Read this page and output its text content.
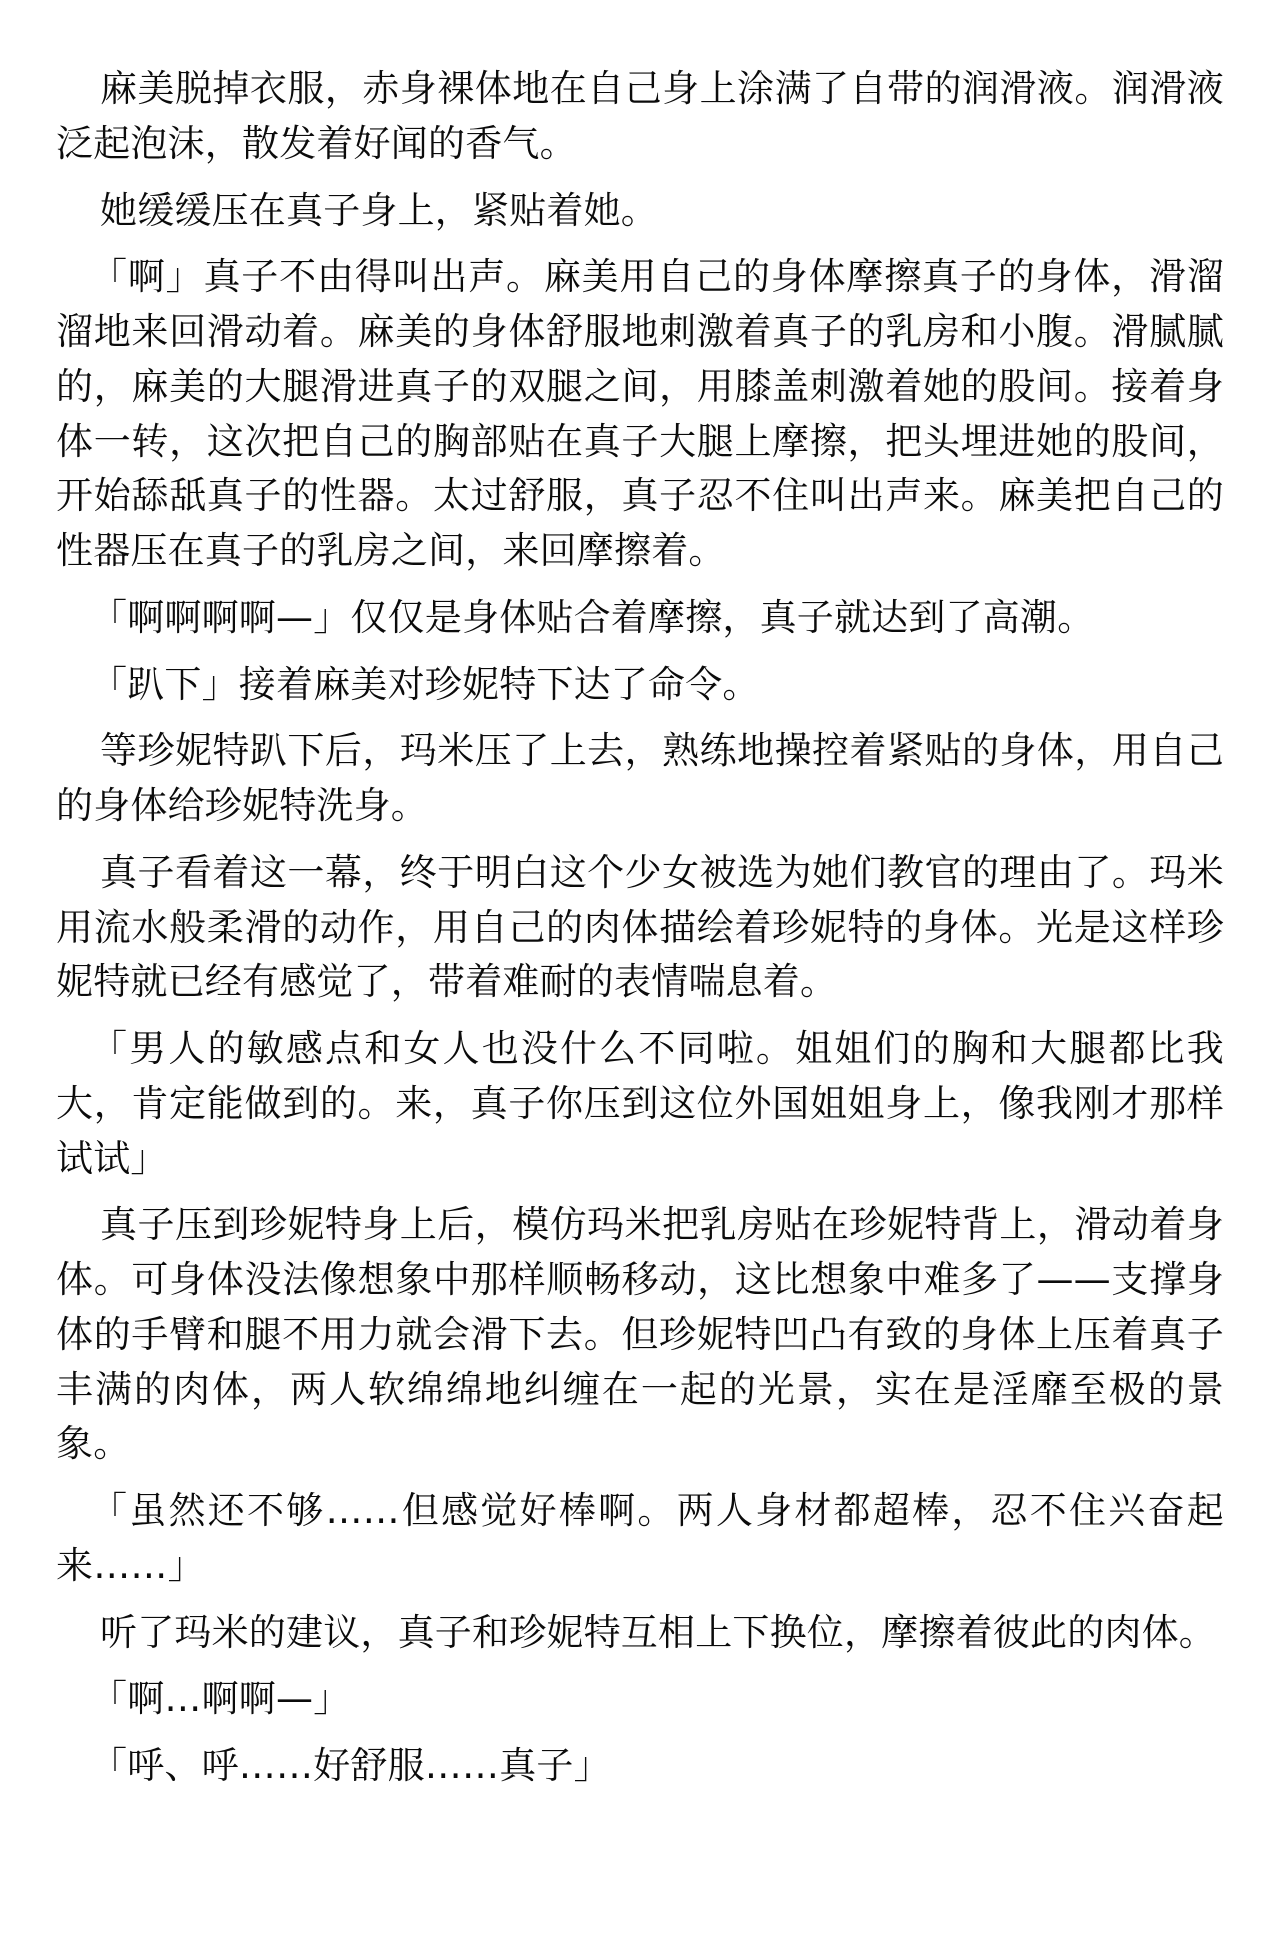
麻美脱掉衣服，赤身裸体地在自己身上涂满了自带的润滑液。润滑液泛起泡沫，散发着好闻的香气。

她缓缓压在真子身上，紧贴着她。

「啊」真子不由得叫出声。麻美用自己的身体摩擦真子的身体，滑溜溜地来回滑动着。麻美的身体舒服地刺激着真子的乳房和小腹。滑腻腻的，麻美的大腿滑进真子的双腿之间，用膝盖刺激着她的股间。接着身体一转，这次把自己的胸部贴在真子大腿上摩擦，把头埋进她的股间，开始舔舐真子的性器。太过舒服，真子忍不住叫出声来。麻美把自己的性器压在真子的乳房之间，来回摩擦着。

「啊啊啊啊—」仅仅是身体贴合着摩擦，真子就达到了高潮。

「趴下」接着麻美对珍妮特下达了命令。

等珍妮特趴下后，玛米压了上去，熟练地操控着紧贴的身体，用自己的身体给珍妮特洗身。

真子看着这一幕，终于明白这个少女被选为她们教官的理由了。玛米用流水般柔滑的动作，用自己的肉体描绘着珍妮特的身体。光是这样珍妮特就已经有感觉了，带着难耐的表情喘息着。

「男人的敏感点和女人也没什么不同啦。姐姐们的胸和大腿都比我大，肯定能做到的。来，真子你压到这位外国姐姐身上，像我刚才那样试试」

真子压到珍妮特身上后，模仿玛米把乳房贴在珍妮特背上，滑动着身体。可身体没法像想象中那样顺畅移动，这比想象中难多了——支撑身体的手臂和腿不用力就会滑下去。但珍妮特凹凸有致的身体上压着真子丰满的肉体，两人软绵绵地纠缠在一起的光景，实在是淫靡至极的景象。

「虽然还不够……但感觉好棒啊。两人身材都超棒，忍不住兴奋起来……」

听了玛米的建议，真子和珍妮特互相上下换位，摩擦着彼此的肉体。

「啊…啊啊—」

「呼、呼……好舒服……真子」
